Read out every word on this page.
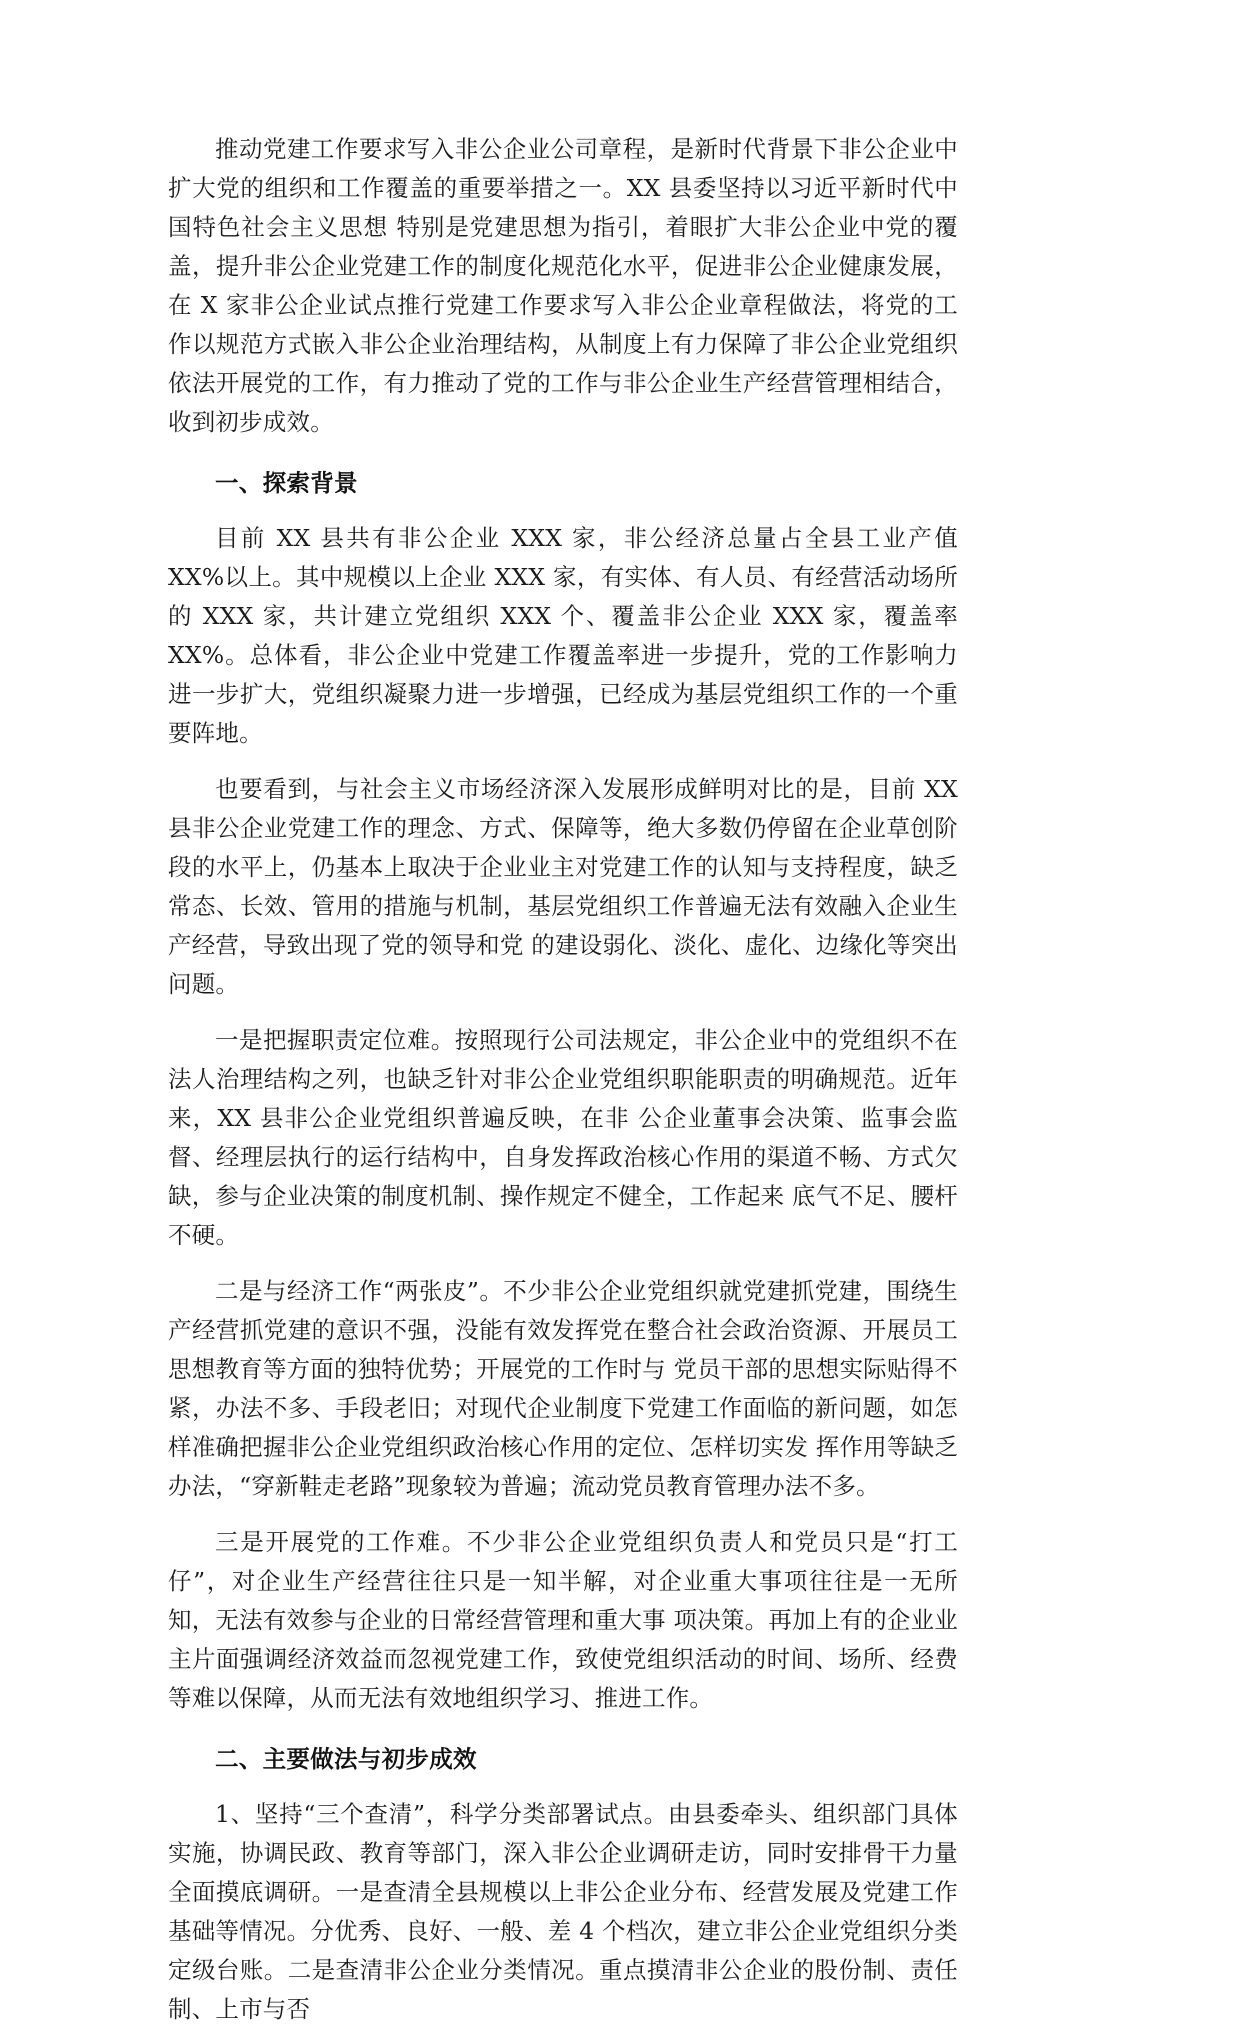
推动党建工作要求写入非公企业公司章程，是新时代背景下非公企业中扩大党的组织和工作覆盖的重要举措之一。XX 县委坚持以习近平新时代中国特色社会主义思想 特别是党建思想为指引，着眼扩大非公企业中党的覆盖，提升非公企业党建工作的制度化规范化水平，促进非公企业健康发展，在 X 家非公企业试点推行党建工作要求写入非公企业章程做法，将党的工作以规范方式嵌入非公企业治理结构，从制度上有力保障了非公企业党组织依法开展党的工作，有力推动了党的工作与非公企业生产经营管理相结合，收到初步成效。

一、探索背景

目前 XX 县共有非公企业 XXX 家，非公经济总量占全县工业产值 XX%以上。其中规模以上企业 XXX 家，有实体、有人员、有经营活动场所的 XXX 家，共计建立党组织 XXX 个、覆盖非公企业 XXX 家，覆盖率 XX%。总体看，非公企业中党建工作覆盖率进一步提升，党的工作影响力进一步扩大，党组织凝聚力进一步增强，已经成为基层党组织工作的一个重要阵地。

也要看到，与社会主义市场经济深入发展形成鲜明对比的是，目前 XX 县非公企业党建工作的理念、方式、保障等，绝大多数仍停留在企业草创阶段的水平上，仍基本上取决于企业业主对党建工作的认知与支持程度，缺乏常态、长效、管用的措施与机制，基层党组织工作普遍无法有效融入企业生产经营，导致出现了党的领导和党 的建设弱化、淡化、虚化、边缘化等突出问题。

一是把握职责定位难。按照现行公司法规定，非公企业中的党组织不在法人治理结构之列，也缺乏针对非公企业党组织职能职责的明确规范。近年来，XX 县非公企业党组织普遍反映，在非 公企业董事会决策、监事会监督、经理层执行的运行结构中，自身发挥政治核心作用的渠道不畅、方式欠缺，参与企业决策的制度机制、操作规定不健全，工作起来 底气不足、腰杆不硬。

二是与经济工作“两张皮”。不少非公企业党组织就党建抓党建，围绕生产经营抓党建的意识不强，没能有效发挥党在整合社会政治资源、开展员工思想教育等方面的独特优势；开展党的工作时与 党员干部的思想实际贴得不紧，办法不多、手段老旧；对现代企业制度下党建工作面临的新问题，如怎样准确把握非公企业党组织政治核心作用的定位、怎样切实发 挥作用等缺乏办法，“穿新鞋走老路”现象较为普遍；流动党员教育管理办法不多。

三是开展党的工作难。不少非公企业党组织负责人和党员只是“打工仔”，对企业生产经营往往只是一知半解，对企业重大事项往往是一无所知，无法有效参与企业的日常经营管理和重大事 项决策。再加上有的企业业主片面强调经济效益而忽视党建工作，致使党组织活动的时间、场所、经费等难以保障，从而无法有效地组织学习、推进工作。

二、主要做法与初步成效

1、坚持“三个查清”，科学分类部署试点。由县委牵头、组织部门具体实施，协调民政、教育等部门，深入非公企业调研走访，同时安排骨干力量全面摸底调研。一是查清全县规模以上非公企业分布、经营发展及党建工作基础等情况。分优秀、良好、一般、差 4 个档次，建立非公企业党组织分类定级台账。二是查清非公企业分类情况。重点摸清非公企业的股份制、责任制、上市与否
